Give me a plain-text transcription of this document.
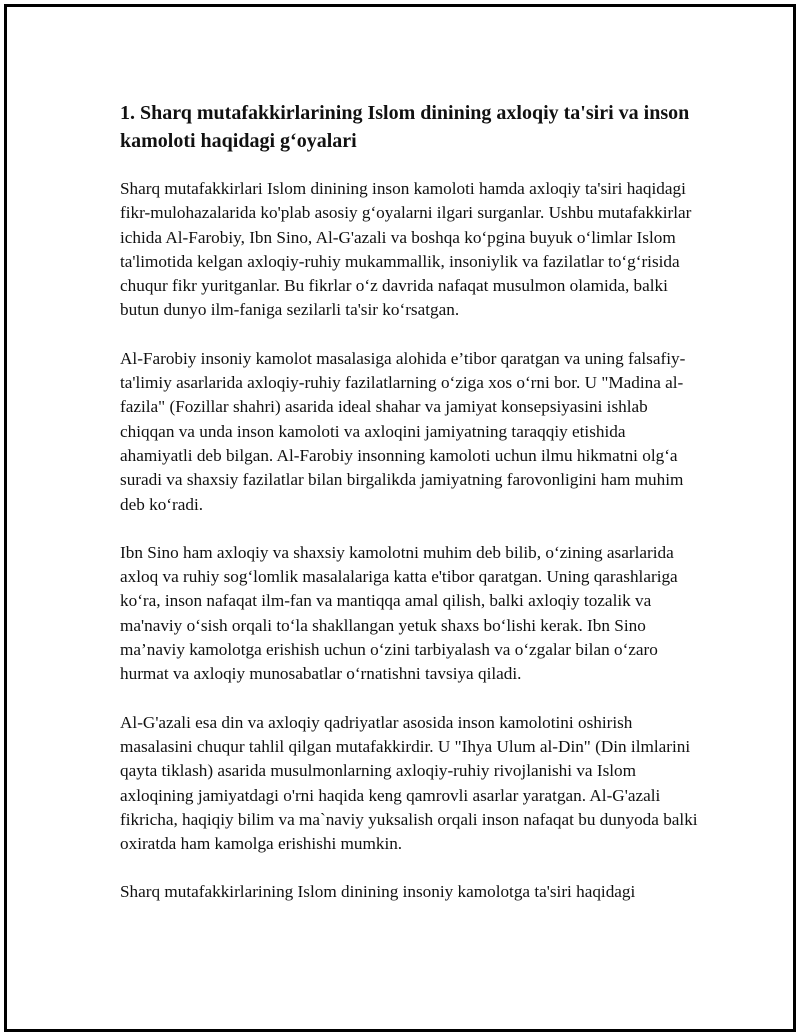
1. Sharq mutafakkirlarining Islom dinining axloqiy ta'siri va inson kamoloti haqidagi g‘oyalari

Sharq mutafakkirlari Islom dinining inson kamoloti hamda axloqiy ta'siri haqidagi fikr-mulohazalarida ko'plab asosiy g‘oyalarni ilgari surganlar. Ushbu mutafakkirlar ichida Al-Farobiy, Ibn Sino, Al-G'azali va boshqa ko‘pgina buyuk o‘limlar Islom ta'limotida kelgan axloqiy-ruhiy mukammallik, insoniylik va fazilatlar to‘g‘risida chuqur fikr yuritganlar. Bu fikrlar o‘z davrida nafaqat musulmon olamida, balki butun dunyo ilm-faniga sezilarli ta'sir ko‘rsatgan.

Al-Farobiy insoniy kamolot masalasiga alohida e’tibor qaratgan va uning falsafiy-ta'limiy asarlarida axloqiy-ruhiy fazilatlarning o‘ziga xos o‘rni bor. U "Madina al-fazila" (Fozillar shahri) asarida ideal shahar va jamiyat konsepsiyasini ishlab chiqqan va unda inson kamoloti va axloqini jamiyatning taraqqiy etishida ahamiyatli deb bilgan. Al-Farobiy insonning kamoloti uchun ilmu hikmatni olg‘a suradi va shaxsiy fazilatlar bilan birgalikda jamiyatning farovonligini ham muhim deb ko‘radi.

Ibn Sino ham axloqiy va shaxsiy kamolotni muhim deb bilib, o‘zining asarlarida axloq va ruhiy sog‘lomlik masalalariga katta e'tibor qaratgan. Uning qarashlariga ko‘ra, inson nafaqat ilm-fan va mantiqqa amal qilish, balki axloqiy tozalik va ma'naviy o‘sish orqali to‘la shakllangan yetuk shaxs bo‘lishi kerak. Ibn Sino ma’naviy kamolotga erishish uchun o‘zini tarbiyalash va o‘zgalar bilan o‘zaro hurmat va axloqiy munosabatlar o‘rnatishni tavsiya qiladi.

Al-G'azali esa din va axloqiy qadriyatlar asosida inson kamolotini oshirish masalasini chuqur tahlil qilgan mutafakkirdir. U "Ihya Ulum al-Din" (Din ilmlarini qayta tiklash) asarida musulmonlarning axloqiy-ruhiy rivojlanishi va Islom axloqining jamiyatdagi o'rni haqida keng qamrovli asarlar yaratgan. Al-G'azali fikricha, haqiqiy bilim va ma`naviy yuksalish orqali inson nafaqat bu dunyoda balki oxiratda ham kamolga erishishi mumkin.

Sharq mutafakkirlarining Islom dinining insoniy kamolotga ta'siri haqidagi
